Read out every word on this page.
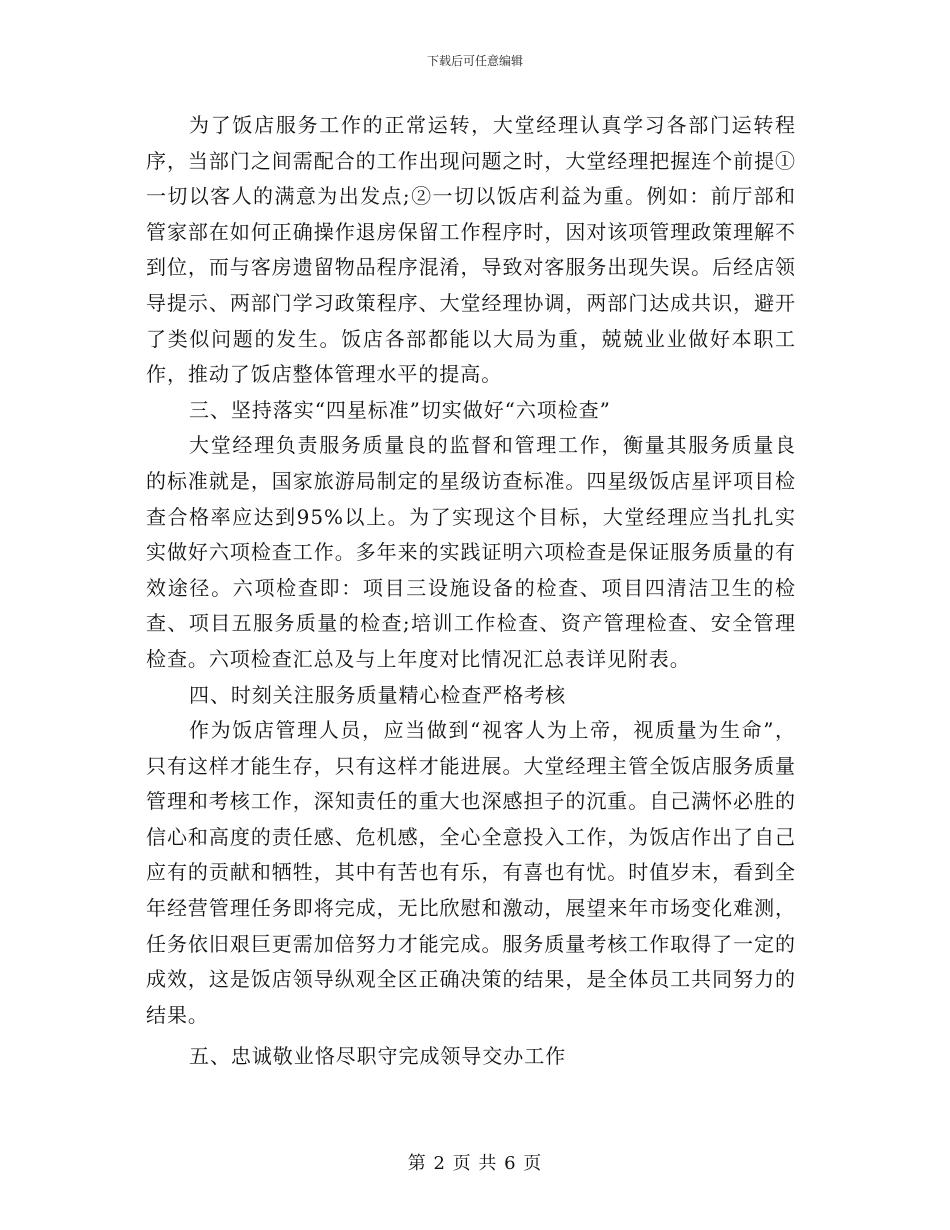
下载后可任意编辑

为了饭店服务工作的正常运转，大堂经理认真学习各部门运转程序，当部门之间需配合的工作出现问题之时，大堂经理把握连个前提①一切以客人的满意为出发点;②一切以饭店利益为重。例如：前厅部和管家部在如何正确操作退房保留工作程序时，因对该项管理政策理解不到位，而与客房遗留物品程序混淆，导致对客服务出现失误。后经店领导提示、两部门学习政策程序、大堂经理协调，两部门达成共识，避开了类似问题的发生。饭店各部都能以大局为重，兢兢业业做好本职工作，推动了饭店整体管理水平的提高。

三、坚持落实“四星标准”切实做好“六项检查”

大堂经理负责服务质量良的监督和管理工作，衡量其服务质量良的标准就是，国家旅游局制定的星级访查标准。四星级饭店星评项目检查合格率应达到95%以上。为了实现这个目标，大堂经理应当扎扎实实做好六项检查工作。多年来的实践证明六项检查是保证服务质量的有效途径。六项检查即：项目三设施设备的检查、项目四清洁卫生的检查、项目五服务质量的检查;培训工作检查、资产管理检查、安全管理检查。六项检查汇总及与上年度对比情况汇总表详见附表。

四、时刻关注服务质量精心检查严格考核

作为饭店管理人员，应当做到“视客人为上帝，视质量为生命”，只有这样才能生存，只有这样才能进展。大堂经理主管全饭店服务质量管理和考核工作，深知责任的重大也深感担子的沉重。自己满怀必胜的信心和高度的责任感、危机感，全心全意投入工作，为饭店作出了自己应有的贡献和牺牲，其中有苦也有乐，有喜也有忧。时值岁末，看到全年经营管理任务即将完成，无比欣慰和激动，展望来年市场变化难测，任务依旧艰巨更需加倍努力才能完成。服务质量考核工作取得了一定的成效，这是饭店领导纵观全区正确决策的结果，是全体员工共同努力的结果。

五、忠诚敬业恪尽职守完成领导交办工作

第 2 页 共 6 页
